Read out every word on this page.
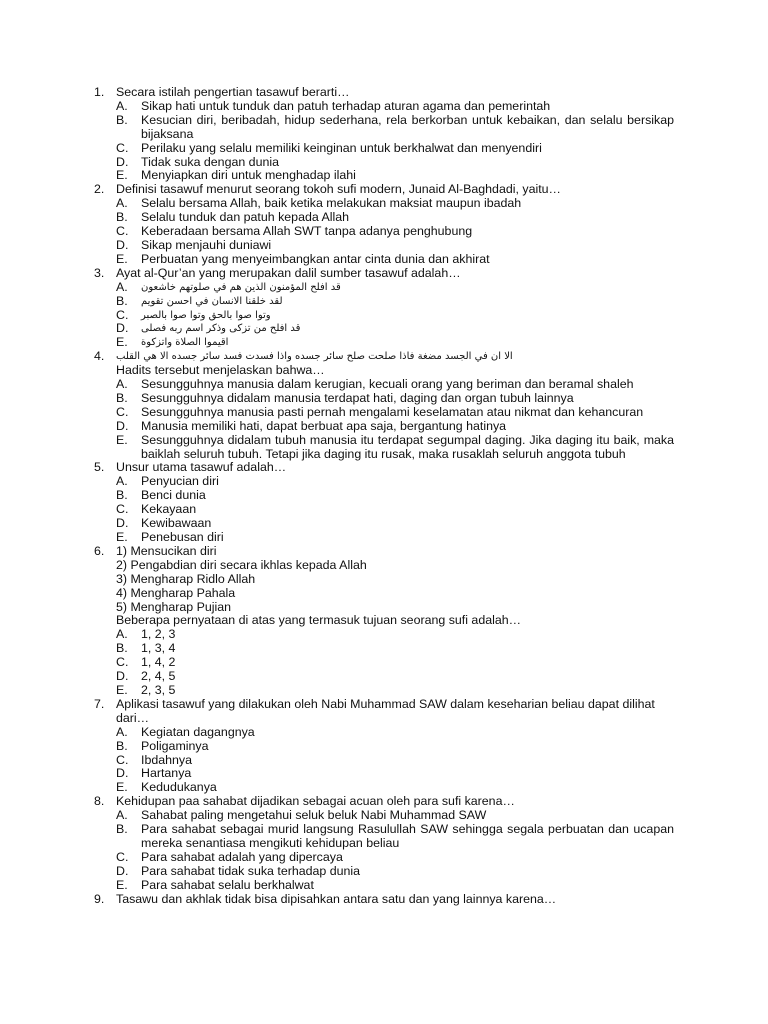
1. Secara istilah pengertian tasawuf berarti…
A.	Sikap hati untuk tunduk dan patuh terhadap aturan agama dan pemerintah
B.	Kesucian diri, beribadah, hidup sederhana, rela berkorban untuk kebaikan, dan selalu bersikap bijaksana
C.	Perilaku yang selalu memiliki keinginan untuk berkhalwat dan menyendiri
D.	Tidak suka dengan dunia
E.	Menyiapkan diri untuk menghadap ilahi
2. Definisi tasawuf menurut seorang tokoh sufi modern, Junaid Al-Baghdadi, yaitu…
A.	Selalu bersama Allah, baik ketika melakukan maksiat maupun ibadah
B.	Selalu tunduk dan patuh kepada Allah
C.	Keberadaan bersama Allah SWT tanpa adanya penghubung
D.	Sikap menjauhi duniawi
E.	Perbuatan yang menyeimbangkan antar cinta dunia dan akhirat
3. Ayat al-Qur’an yang merupakan dalil sumber tasawuf adalah…
A.	قد افلح المؤمنون الذين هم في صلوتهم خاشعون
B.	لقد خلقنا الانسان في احسن تقويم
C.	وتوا صوا بالحق وتوا صوا بالصبر
D.	قد افلح من تزكى وذكر اسم ربه فصلى
E.	اقيموا الصلاة واتزكوة
4.	الا ان في الجسد مضغة فاذا صلحت صلح سائر جسده واذا فسدت فسد سائر جسده الا هي القلب
Hadits tersebut menjelaskan bahwa…
A.	Sesungguhnya manusia dalam kerugian, kecuali orang yang beriman dan beramal shaleh
B.	Sesungguhnya didalam manusia terdapat hati, daging dan organ tubuh lainnya
C.	Sesungguhnya manusia pasti pernah mengalami keselamatan atau nikmat dan kehancuran
D.	Manusia memiliki hati, dapat berbuat apa saja, bergantung hatinya
E.	Sesungguhnya didalam tubuh manusia itu terdapat segumpal daging. Jika daging itu baik, maka baiklah seluruh tubuh. Tetapi jika daging itu rusak, maka rusaklah seluruh anggota tubuh
5. Unsur utama tasawuf adalah…
A.	Penyucian diri
B.	Benci dunia
C.	Kekayaan
D.	Kewibawaan
E.	Penebusan diri
6. 1) Mensucikan diri
2) Pengabdian diri secara ikhlas kepada Allah
3) Mengharap Ridlo Allah
4) Mengharap Pahala
5) Mengharap Pujian
Beberapa pernyataan di atas yang termasuk tujuan seorang sufi adalah…
A.	1, 2, 3
B.	1, 3, 4
C.	1, 4, 2
D.	2, 4, 5
E.	2, 3, 5
7. Aplikasi tasawuf yang dilakukan oleh Nabi Muhammad SAW dalam keseharian beliau dapat dilihat dari…
A.	Kegiatan dagangnya
B.	Poligaminya
C.	Ibdahnya
D.	Hartanya
E.	Kedudukanya
8. Kehidupan paa sahabat dijadikan sebagai acuan oleh para sufi karena…
A.	Sahabat paling mengetahui seluk beluk Nabi Muhammad SAW
B.	Para sahabat sebagai murid langsung Rasulullah SAW sehingga segala perbuatan dan ucapan mereka senantiasa mengikuti kehidupan beliau
C.	Para sahabat adalah yang dipercaya
D.	Para sahabat tidak suka terhadap dunia
E.	Para sahabat selalu berkhalwat
9. Tasawu dan akhlak tidak bisa dipisahkan antara satu dan yang lainnya karena…
